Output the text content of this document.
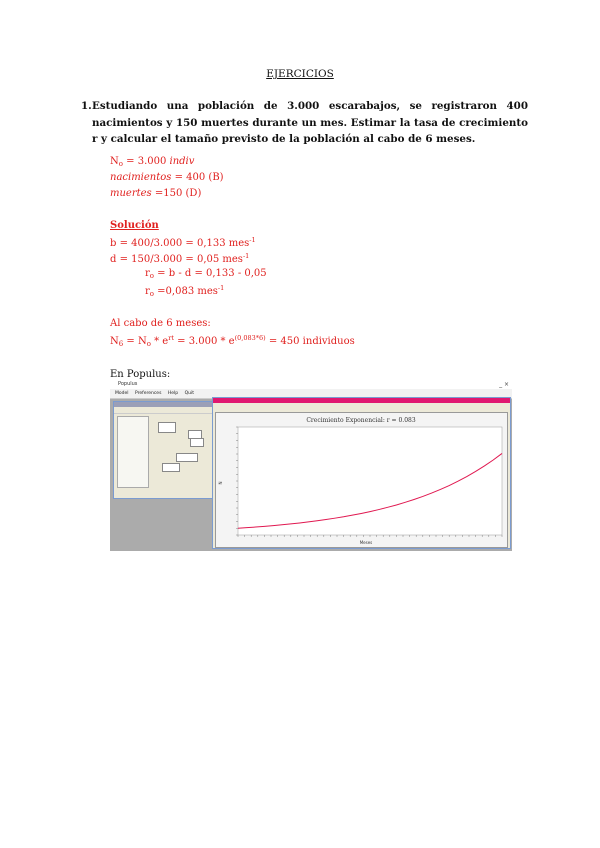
EJERCICIOS
1. Estudiando una población de 3.000 escarabajos, se registraron 400 nacimientos y 150 muertes durante un mes. Estimar la tasa de crecimiento r y calcular el tamaño previsto de la población al cabo de 6 meses.
$N_o = 3.000$ indiv
nacimientos = 400 (B)
muertes =150 (D)
Solución
b = 400/3.000 = 0,133 mes$^{-1}$
d = 150/3.000 = 0,05 mes$^{-1}$
$r_o = b - d = 0,133 - 0,05$
$r_o =0,083$ mes$^{-1}$
Al cabo de 6 meses:
$N_6 = N_o * e^{rt} = 3.000 * e^{(0,083*6)} = 450$ individuos
En Populus:
Populus	_ ×
Model Preferences Help Quit
Crecimiento Exponencial: r = 0.083
N
Meses
